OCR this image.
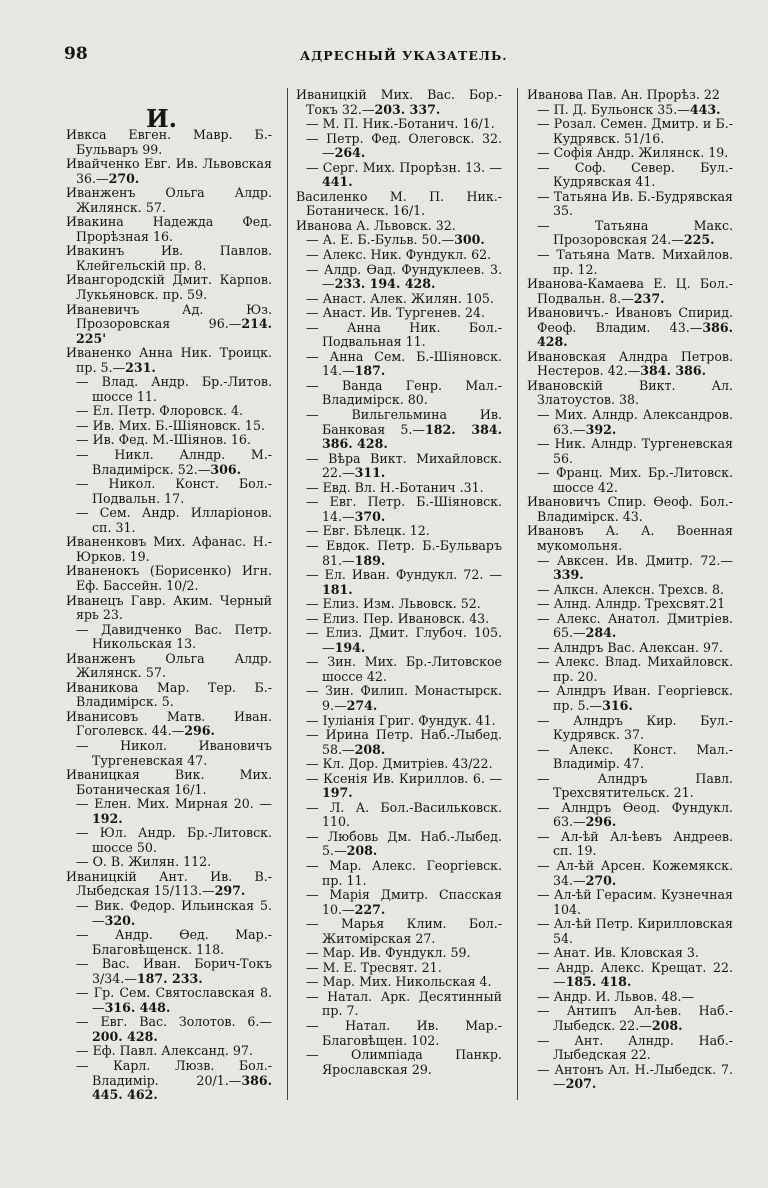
98	АДРЕСНЫЙ УКАЗАТЕЛЬ.
И.
Ивкса Евген. Мавр. Б.-Бульваръ 99.
Ивайченко Евг. Ив. Львовская 36.—270.
Иванженъ Ольга Алдр. Жилянск. 57.
Ивакина Надежда Фед. Прорѣзная 16.
Ивакинъ Ив. Павлов. Клейгельскій пр. 8.
Ивангородскій Дмит. Карпов. Лукьяновск. пр. 59.
Иваневичъ Ад. Юз. Прозоровская 96.—214. 225'
Иваненко Анна Ник. Троицк. пр. 5.—231.
— Влад. Андр. Бр.-Литов. шоссе 11.
— Ел. Петр. Флоровск. 4.
— Ив. Мих. Б.-Шіяновск. 15.
— Ив. Фед. М.-Шіянов. 16.
— Никл. Алндр. М.-Владимірск. 52.—306.
— Никол. Конст. Бол.-Подвальн. 17.
— Сем. Андр. Илларіонов. сп. 31.
Иваненковъ Мих. Афанас. Н.-Юрков. 19.
Иваненокъ (Борисенко) Игн. Еф. Бассейн. 10/2.
Иванецъ Гавр. Аким. Черный ярь 23.
— Давидченко Вас. Петр. Никольская 13.
Иванженъ Ольга Алдр. Жилянск. 57.
Иваникова Мар. Тер. Б.-Владимірск. 5.
Иванисовъ Матв. Иван. Гоголевск. 44.—296.
— Никол. Ивановичъ Тургеневская 47.
Иваницкая Вик. Мих. Ботаническая 16/1.
— Елен. Мих. Мирная 20. —192.
— Юл. Андр. Бр.-Литовск. шоссе 50.
— О. В. Жилян. 112.
Иваницкій Ант. Ив. В.-Лыбедская 15/113.—297.
— Вик. Федор. Ильинская 5.—320.
— Андр. Өед. Мар.-Благовѣщенск. 118.
— Вас. Иван. Борич-Токъ 3/34.—187. 233.
— Гр. Сем. Святославская 8.—316. 448.
— Евг. Вас. Золотов. 6.— 200. 428.
— Еф. Павл. Александ. 97.
— Карл. Люзв. Бол.-Владимір. 20/1.—386. 445. 462.
Иваницкій Мих. Вас. Бор.-Токъ 32.—203. 337.
— М. П. Ник.-Ботанич. 16/1.
— Петр. Фед. Олеговск. 32. —264.
— Серг. Мих. Прорѣзн. 13. —441.
Василенко М. П. Ник.-Ботаническ. 16/1.
Иванова А. Львовск. 32.
— А. Е. Б.-Бульв. 50.—300.
— Алекс. Ник. Фундукл. 62.
— Алдр. Өад. Фундуклеев. 3. —233. 194. 428.
— Анаст. Алек. Жилян. 105.
— Анаст. Ив. Тургенев. 24.
— Анна Ник. Бол.-Подвальная 11.
— Анна Сем. Б.-Шіяновск. 14.—187.
— Ванда Генр. Мал.-Владимірск. 80.
— Вильгельмина Ив. Банковая 5.—182. 384. 386. 428.
— Вѣра Викт. Михайловск. 22.—311.
— Евд. Вл. Н.-Ботанич .31.
— Евг. Петр. Б.-Шіяновск. 14.—370.
— Евг. Бѣлецк. 12.
— Евдок. Петр. Б.-Бульваръ 81.—189.
— Ел. Иван. Фундукл. 72. —181.
— Елиз. Изм. Львовск. 52.
— Елиз. Пер. Ивановск. 43.
— Елиз. Дмит. Глубоч. 105. —194.
— Зин. Мих. Бр.-Литовское шоссе 42.
— Зин. Филип. Монастырск. 9.—274.
— Іуліанія Григ. Фундук. 41.
— Ирина Петр. Наб.-Лыбед. 58.—208.
— Кл. Дор. Дмитріев. 43/22.
— Ксенія Ив. Кириллов. 6. —197.
— Л. А. Бол.-Васильковск. 110.
— Любовь Дм. Наб.-Лыбед. 5.—208.
— Мар. Алекс. Георгіевск. пр. 11.
— Марія Дмитр. Спасская 10.—227.
— Марья Клим. Бол.-Житомірская 27.
— Мар. Ив. Фундукл. 59.
— М. Е. Тресвят. 21.
— Мар. Мих. Никольская 4.
— Натал. Арк. Десятинный пр. 7.
— Натал. Ив. Мар.-Благовѣщен. 102.
— Олимпіада Панкр. Ярославская 29.
Иванова Пав. Ан. Прорѣз. 22
— П. Д. Бульонск 35.—443.
— Розал. Семен. Дмитр. и Б.-Кудрявск. 51/16.
— Софія Андр. Жилянск. 19.
— Соф. Север. Бул.-Кудрявская 41.
— Татьяна Ив. Б.-Будрявская 35.
— Татьяна Макс. Прозоровская 24.—225.
— Татьяна Матв. Михайлов. пр. 12.
Иванова-Камаева Е. Ц. Бол.-Подвальн. 8.—237.
Ивановичъ.- Ивановъ Спирид. Феоф. Владим. 43.—386. 428.
Ивановская Алндра Петров. Нестеров. 42.—384. 386.
Ивановскій Викт. Ал. Златоустов. 38.
— Мих. Алндр. Александров. 63.—392.
— Ник. Алндр. Тургеневская 56.
— Франц. Мих. Бр.-Литовск. шоссе 42.
Ивановичъ Спир. Өеоф. Бол.-Владимірск. 43.
Ивановъ А. А. Военная мукомольня.
— Авксен. Ив. Дмитр. 72.— 339.
— Алксн. Алексн. Трехсв. 8.
— Алнд. Алндр. Трехсвят.21
— Алекс. Анатол. Дмитріев. 65.—284.
— Алндръ Вас. Алексан. 97.
— Алекс. Влад. Михайловск. пр. 20.
— Алндръ Иван. Георгіевск. пр. 5.—316.
— Алндръ Кир. Бул.-Кудрявск. 37.
— Алекс. Конст. Мал.-Владимір. 47.
— Алндръ Павл. Трехсвятительск. 21.
— Алндръ Өеод. Фундукл. 63.—296.
— Ал-ѣй Ал-ѣевъ Андреев. сп. 19.
— Ал-ѣй Арсен. Кожемякск. 34.—270.
— Ал-ѣй Герасим. Кузнечная 104.
— Ал-ѣй Петр. Кирилловская 54.
— Анат. Ив. Кловская 3.
— Андр. Алекс. Крещат. 22. —185. 418.
— Андр. И. Львов. 48.—
— Антипъ Ал-ѣев. Наб.-Лыбедск. 22.—208.
— Ант. Алндр. Наб.-Лыбедская 22.
— Антонъ Ал. Н.-Лыбедск. 7.—207.
